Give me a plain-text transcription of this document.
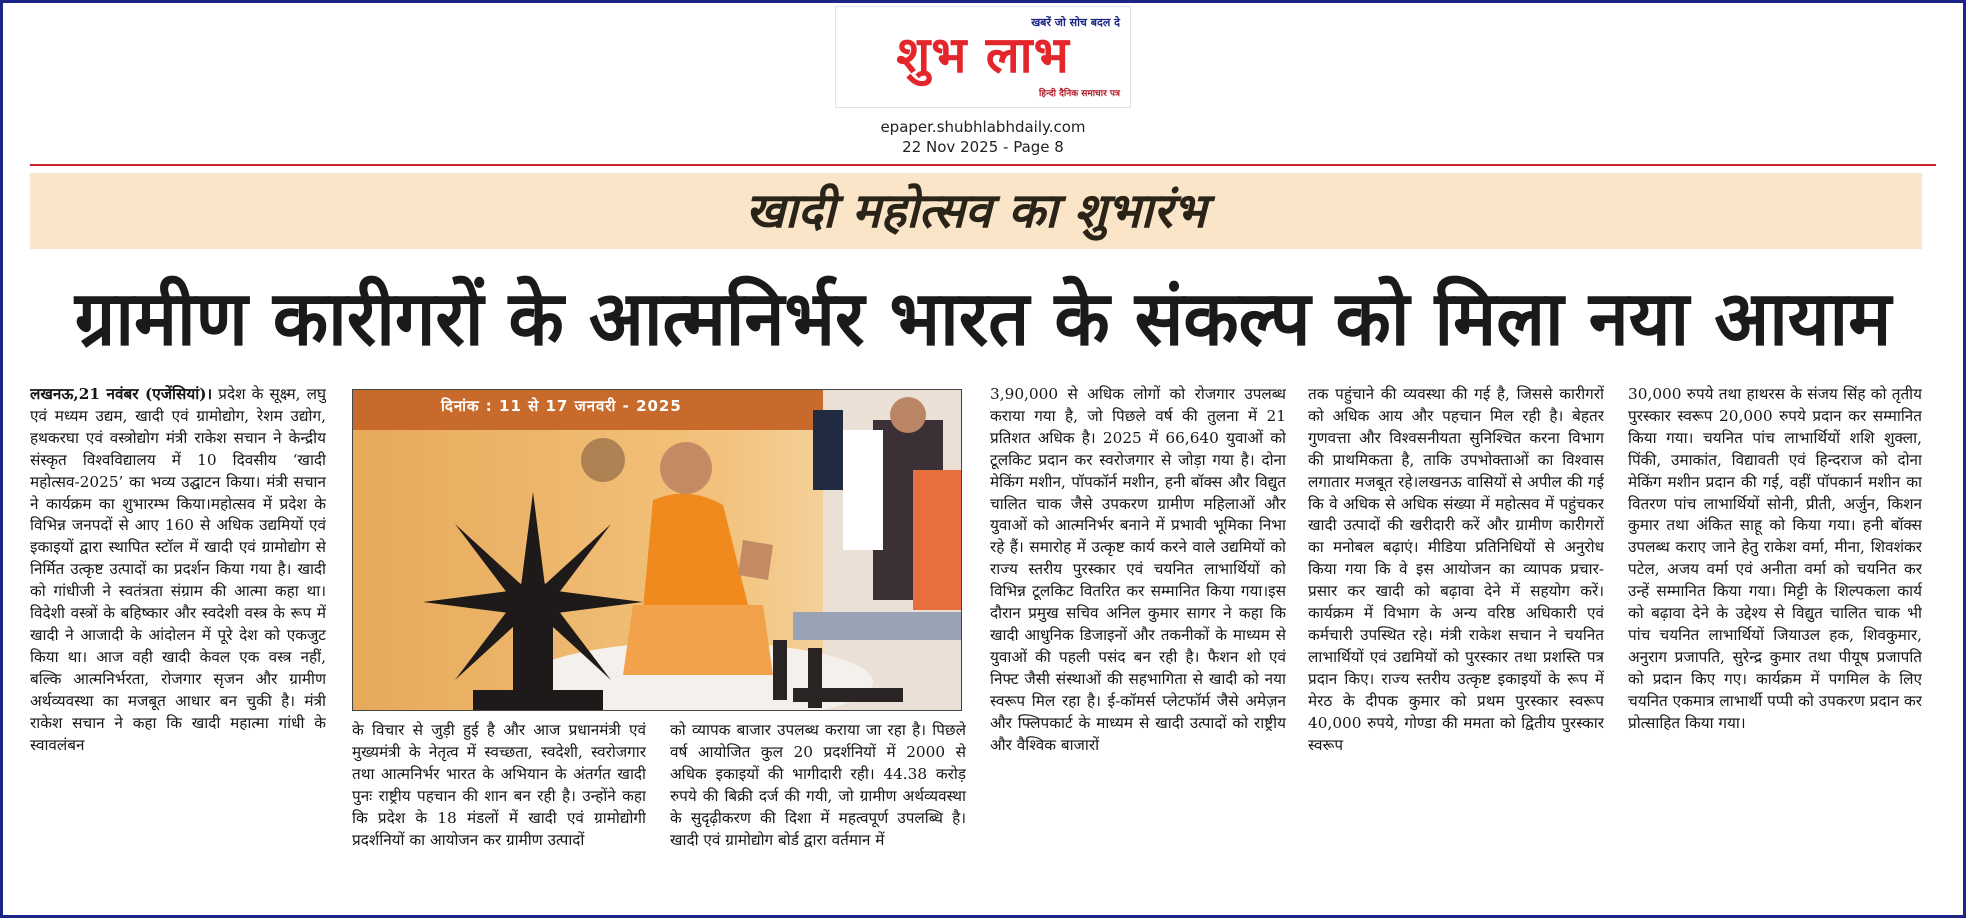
खबरें जो सोच बदल दे
शुभ लाभ
हिन्दी दैनिक समाचार पत्र
epaper.shubhlabhdaily.com
22 Nov 2025 - Page 8
खादी महोत्सव का शुभारंभ
ग्रामीण कारीगरों के आत्मनिर्भर भारत के संकल्प को मिला नया आयाम
लखनऊ,21 नवंबर (एजेंसियां)। प्रदेश के सूक्ष्म, लघु एवं मध्यम उद्यम, खादी एवं ग्रामोद्योग, रेशम उद्योग, हथकरघा एवं वस्त्रोद्योग मंत्री राकेश सचान ने केन्द्रीय संस्कृत विश्वविद्यालय में 10 दिवसीय ‘खादी महोत्सव-2025’ का भव्य उद्घाटन किया। मंत्री सचान ने कार्यक्रम का शुभारम्भ किया।महोत्सव में प्रदेश के विभिन्न जनपदों से आए 160 से अधिक उद्यमियों एवं इकाइयों द्वारा स्थापित स्टॉल में खादी एवं ग्रामोद्योग से निर्मित उत्कृष्ट उत्पादों का प्रदर्शन किया गया है। खादी को गांधीजी ने स्वतंत्रता संग्राम की आत्मा कहा था। विदेशी वस्त्रों के बहिष्कार और स्वदेशी वस्त्र के रूप में खादी ने आजादी के आंदोलन में पूरे देश को एकजुट किया था। आज वही खादी केवल एक वस्त्र नहीं, बल्कि आत्मनिर्भरता, रोजगार सृजन और ग्रामीण अर्थव्यवस्था का मजबूत आधार बन चुकी है। मंत्री राकेश सचान ने कहा कि खादी महात्मा गांधी के स्वावलंबन
दिनांक : 11 से 17 जनवरी - 2025
के विचार से जुड़ी हुई है और आज प्रधानमंत्री एवं मुख्यमंत्री के नेतृत्व में स्वच्छता, स्वदेशी, स्वरोजगार तथा आत्मनिर्भर भारत के अभियान के अंतर्गत खादी पुनः राष्ट्रीय पहचान की शान बन रही है। उन्होंने कहा कि प्रदेश के 18 मंडलों में खादी एवं ग्रामोद्योगी प्रदर्शनियों का आयोजन कर ग्रामीण उत्पादों
को व्यापक बाजार उपलब्ध कराया जा रहा है। पिछले वर्ष आयोजित कुल 20 प्रदर्शनियों में 2000 से अधिक इकाइयों की भागीदारी रही। 44.38 करोड़ रुपये की बिक्री दर्ज की गयी, जो ग्रामीण अर्थव्यवस्था के सुदृढ़ीकरण की दिशा में महत्वपूर्ण उपलब्धि है। खादी एवं ग्रामोद्योग बोर्ड द्वारा वर्तमान में
3,90,000 से अधिक लोगों को रोजगार उपलब्ध कराया गया है, जो पिछले वर्ष की तुलना में 21 प्रतिशत अधिक है। 2025 में 66,640 युवाओं को टूलकिट प्रदान कर स्वरोजगार से जोड़ा गया है। दोना मेकिंग मशीन, पॉपकॉर्न मशीन, हनी बॉक्स और विद्युत चालित चाक जैसे उपकरण ग्रामीण महिलाओं और युवाओं को आत्मनिर्भर बनाने में प्रभावी भूमिका निभा रहे हैं। समारोह में उत्कृष्ट कार्य करने वाले उद्यमियों को राज्य स्तरीय पुरस्कार एवं चयनित लाभार्थियों को विभिन्न टूलकिट वितरित कर सम्मानित किया गया।इस दौरान प्रमुख सचिव अनिल कुमार सागर ने कहा कि खादी आधुनिक डिजाइनों और तकनीकों के माध्यम से युवाओं की पहली पसंद बन रही है। फैशन शो एवं निफ्ट जैसी संस्थाओं की सहभागिता से खादी को नया स्वरूप मिल रहा है। ई-कॉमर्स प्लेटफॉर्म जैसे अमेज़न और फ्लिपकार्ट के माध्यम से खादी उत्पादों को राष्ट्रीय और वैश्विक बाजारों
तक पहुंचाने की व्यवस्था की गई है, जिससे कारीगरों को अधिक आय और पहचान मिल रही है। बेहतर गुणवत्ता और विश्वसनीयता सुनिश्चित करना विभाग की प्राथमिकता है, ताकि उपभोक्ताओं का विश्वास लगातार मजबूत रहे।लखनऊ वासियों से अपील की गई कि वे अधिक से अधिक संख्या में महोत्सव में पहुंचकर खादी उत्पादों की खरीदारी करें और ग्रामीण कारीगरों का मनोबल बढ़ाएं। मीडिया प्रतिनिधियों से अनुरोध किया गया कि वे इस आयोजन का व्यापक प्रचार-प्रसार कर खादी को बढ़ावा देने में सहयोग करें। कार्यक्रम में विभाग के अन्य वरिष्ठ अधिकारी एवं कर्मचारी उपस्थित रहे। मंत्री राकेश सचान ने चयनित लाभार्थियों एवं उद्यमियों को पुरस्कार तथा प्रशस्ति पत्र प्रदान किए। राज्य स्तरीय उत्कृष्ट इकाइयों के रूप में मेरठ के दीपक कुमार को प्रथम पुरस्कार स्वरूप 40,000 रुपये, गोण्डा की ममता को द्वितीय पुरस्कार स्वरूप
30,000 रुपये तथा हाथरस के संजय सिंह को तृतीय पुरस्कार स्वरूप 20,000 रुपये प्रदान कर सम्मानित किया गया। चयनित पांच लाभार्थियों शशि शुक्ला, पिंकी, उमाकांत, विद्यावती एवं हिन्दराज को दोना मेकिंग मशीन प्रदान की गई, वहीं पॉपकार्न मशीन का वितरण पांच लाभार्थियों सोनी, प्रीती, अर्जुन, किशन कुमार तथा अंकित साहू को किया गया। हनी बॉक्स उपलब्ध कराए जाने हेतु राकेश वर्मा, मीना, शिवशंकर पटेल, अजय वर्मा एवं अनीता वर्मा को चयनित कर उन्हें सम्मानित किया गया। मिट्टी के शिल्पकला कार्य को बढ़ावा देने के उद्देश्य से विद्युत चालित चाक भी पांच चयनित लाभार्थियों जियाउल हक, शिवकुमार, अनुराग प्रजापति, सुरेन्द्र कुमार तथा पीयूष प्रजापति को प्रदान किए गए। कार्यक्रम में पगमिल के लिए चयनित एकमात्र लाभार्थी पप्पी को उपकरण प्रदान कर प्रोत्साहित किया गया।
